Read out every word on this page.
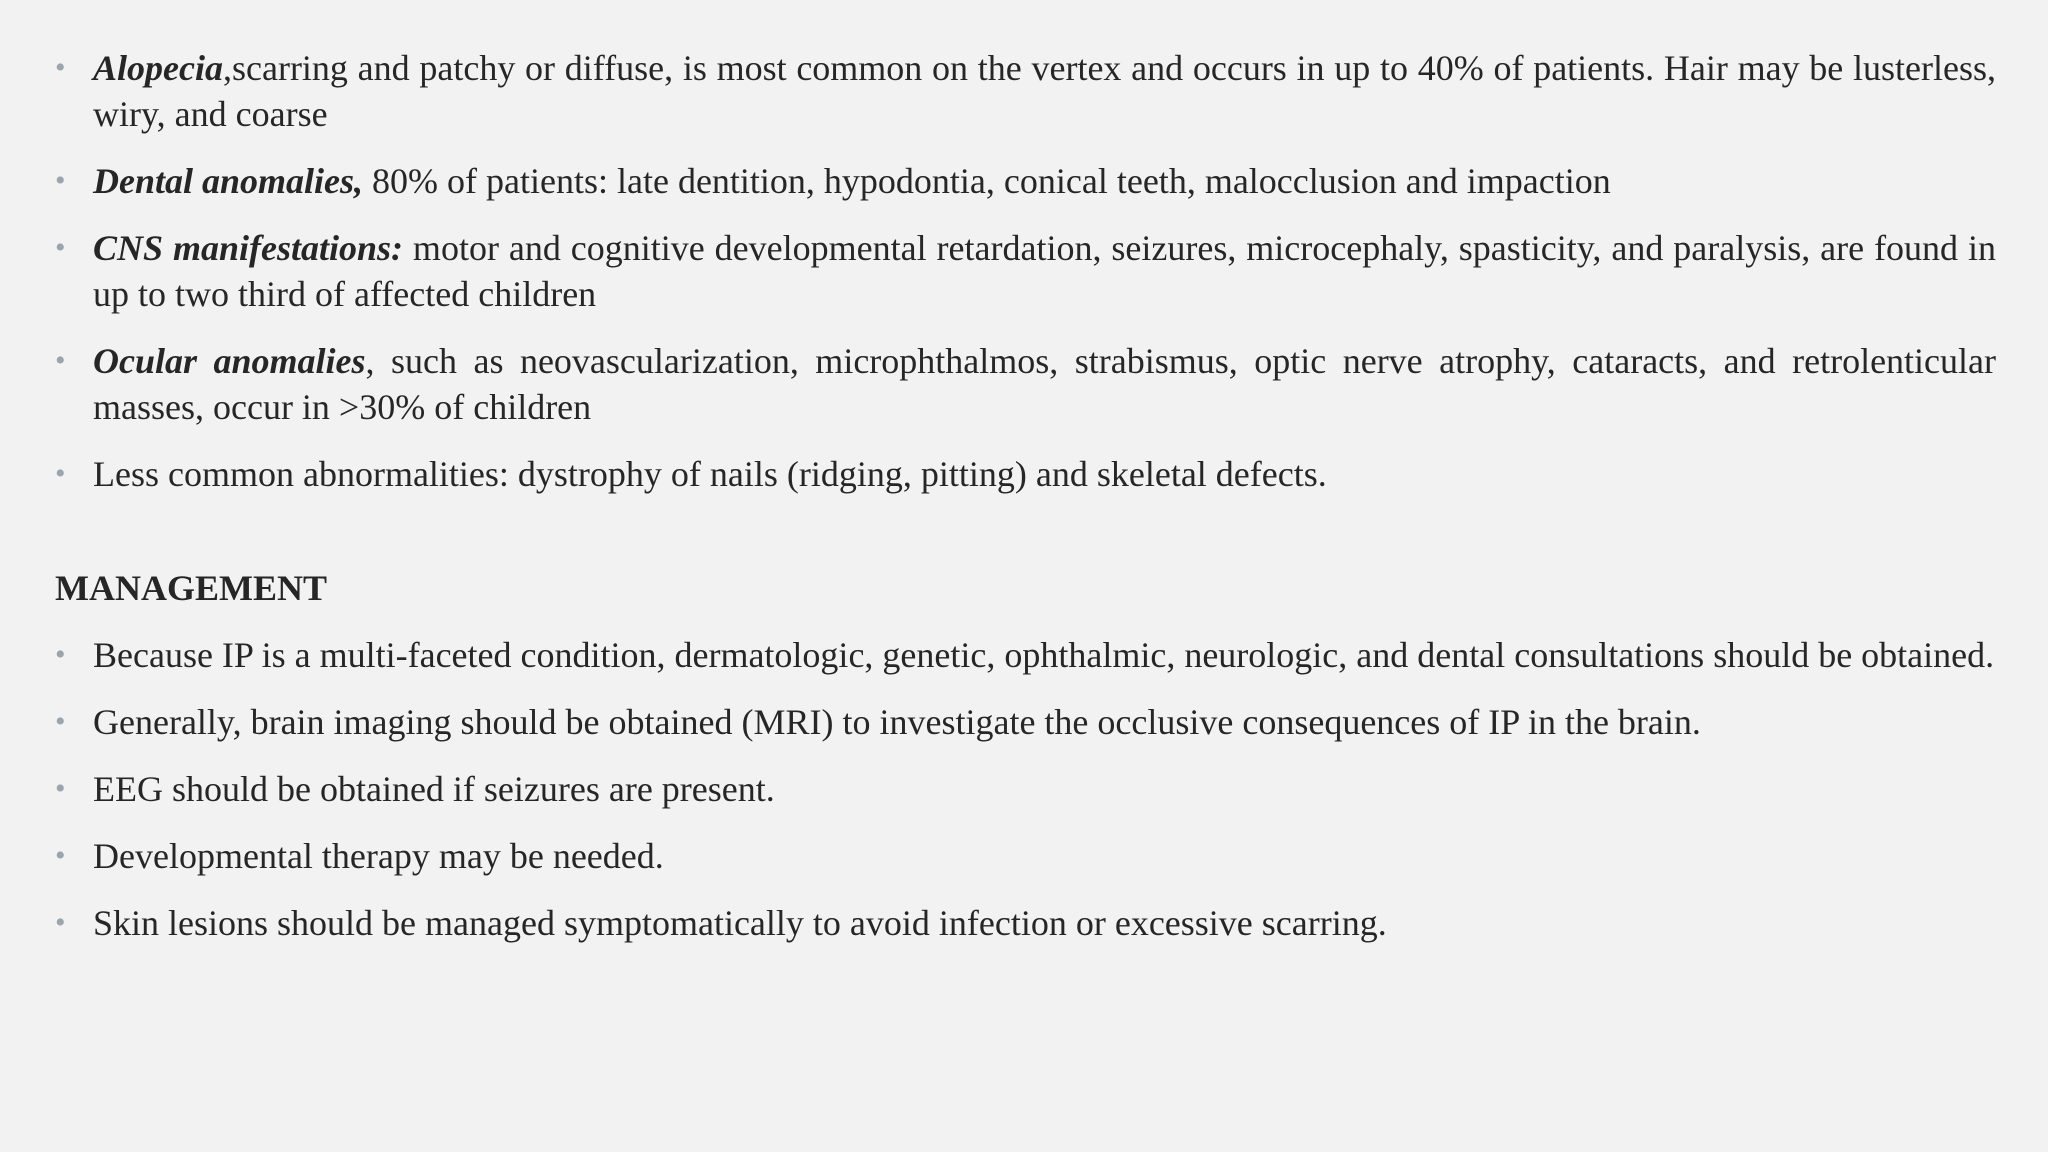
• Alopecia,scarring and patchy or diffuse, is most common on the vertex and occurs in up to 40% of patients. Hair may be lusterless, wiry, and coarse
• Dental anomalies, 80% of patients: late dentition, hypodontia, conical teeth, malocclusion and impaction
• CNS manifestations: motor and cognitive developmental retardation, seizures, microcephaly, spasticity, and paralysis, are found in up to two third of affected children
• Ocular anomalies, such as neovascularization, microphthalmos, strabismus, optic nerve atrophy, cataracts, and retrolenticular masses, occur in >30% of children
• Less common abnormalities: dystrophy of nails (ridging, pitting) and skeletal defects.
MANAGEMENT
• Because IP is a multi-faceted condition, dermatologic, genetic, ophthalmic, neurologic, and dental consultations should be obtained.
• Generally, brain imaging should be obtained (MRI) to investigate the occlusive consequences of IP in the brain.
• EEG should be obtained if seizures are present.
• Developmental therapy may be needed.
• Skin lesions should be managed symptomatically to avoid infection or excessive scarring.
